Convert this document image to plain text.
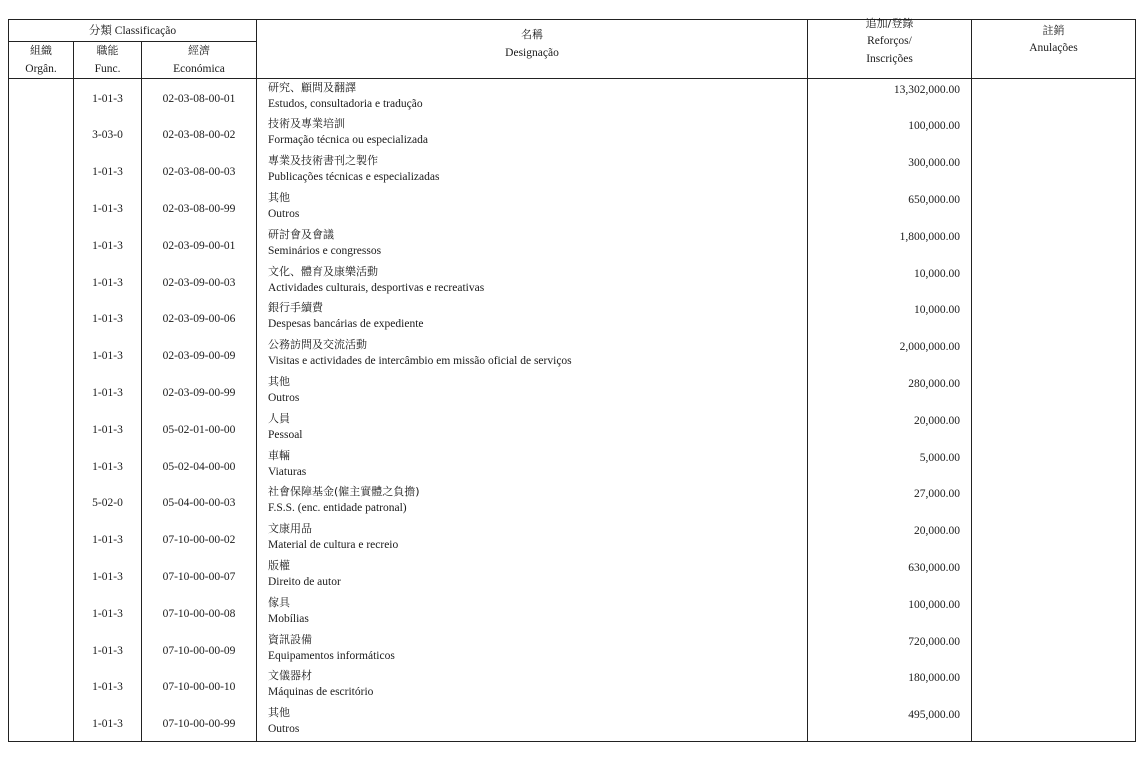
分類 Classificação
組織
Orgân.
職能
Func.
經濟
Económica
名稱
Designação
追加/登錄
Reforços/
Inscrições
註銷
Anulações
1-01-3	02-03-08-00-01
研究、顧問及翻譯
Estudos, consultadoria e tradução
13,302,000.00
3-03-0	02-03-08-00-02
技術及專業培訓
Formação técnica ou especializada
100,000.00
1-01-3	02-03-08-00-03
專業及技術書刊之製作
Publicações técnicas e especializadas
300,000.00
1-01-3	02-03-08-00-99
其他
Outros
650,000.00
1-01-3	02-03-09-00-01
研討會及會議
Seminários e congressos
1,800,000.00
1-01-3	02-03-09-00-03
文化、體育及康樂活動
Actividades culturais, desportivas e recreativas
10,000.00
1-01-3	02-03-09-00-06
銀行手續費
Despesas bancárias de expediente
10,000.00
1-01-3	02-03-09-00-09
公務訪問及交流活動
Visitas e actividades de intercâmbio em missão oficial de serviços
2,000,000.00
1-01-3	02-03-09-00-99
其他
Outros
280,000.00
1-01-3	05-02-01-00-00
人員
Pessoal
20,000.00
1-01-3	05-02-04-00-00
車輛
Viaturas
5,000.00
5-02-0	05-04-00-00-03
社會保障基金(僱主實體之負擔)
F.S.S. (enc. entidade patronal)
27,000.00
1-01-3	07-10-00-00-02
文康用品
Material de cultura e recreio
20,000.00
1-01-3	07-10-00-00-07
版權
Direito de autor
630,000.00
1-01-3	07-10-00-00-08
傢具
Mobílias
100,000.00
1-01-3	07-10-00-00-09
資訊設備
Equipamentos informáticos
720,000.00
1-01-3	07-10-00-00-10
文儀器材
Máquinas de escritório
180,000.00
1-01-3	07-10-00-00-99
其他
Outros
495,000.00
